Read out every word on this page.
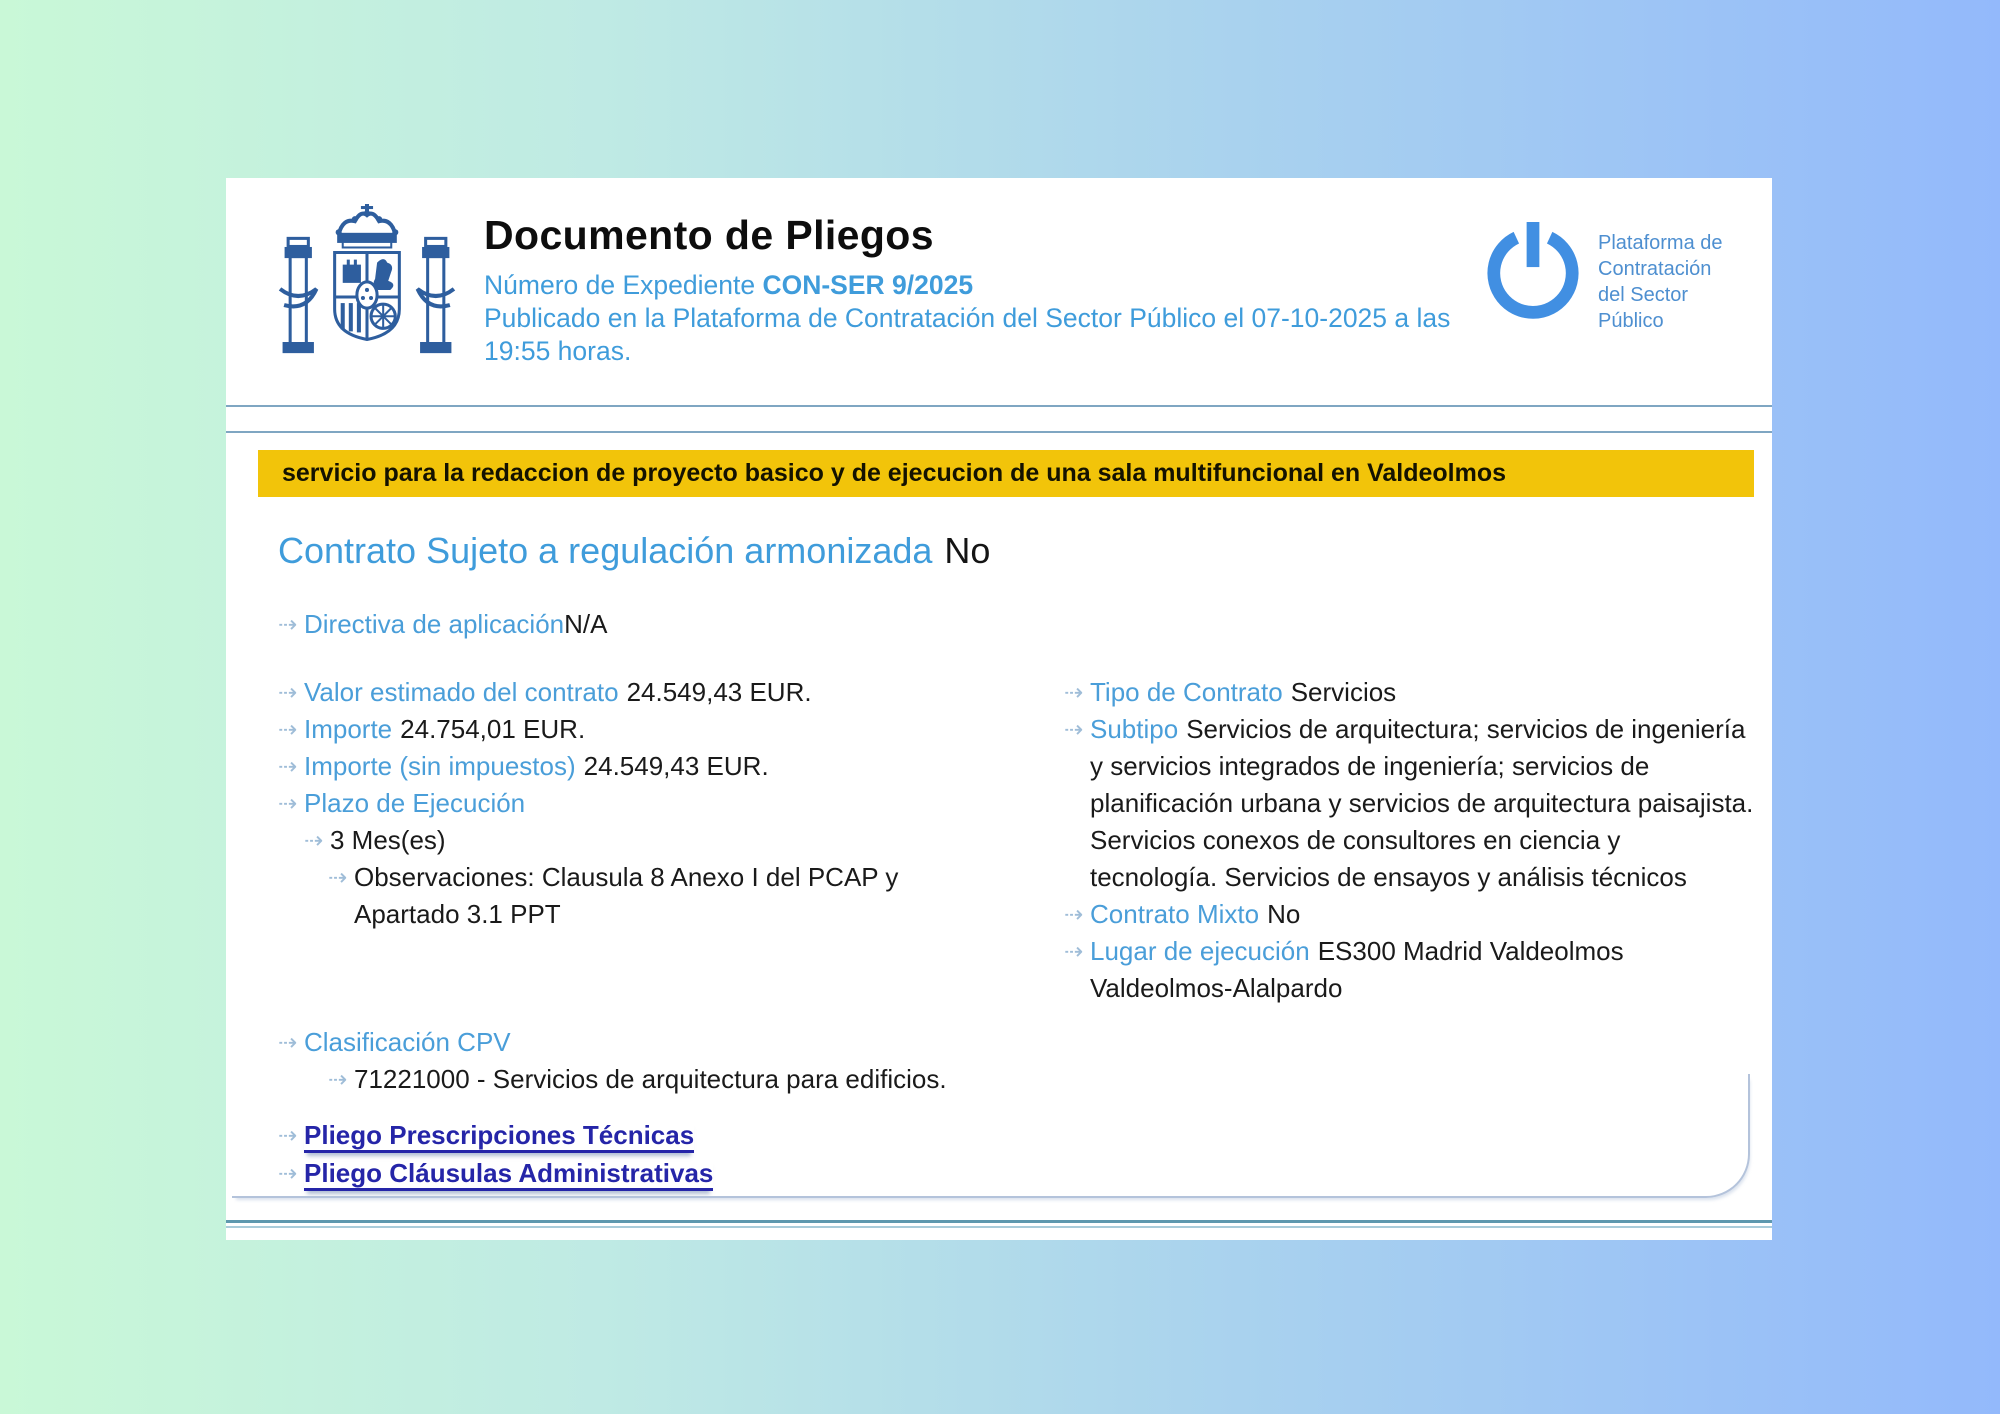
Documento de Pliegos
Número de Expediente CON-SER 9/2025
Publicado en la Plataforma de Contratación del Sector Público el 07-10-2025 a las 19:55 horas.
Plataforma de
Contratación
del Sector
Público
servicio para la redaccion de proyecto basico y de ejecucion de una sala multifuncional en Valdeolmos
Contrato Sujeto a regulación armonizada No
⇢ Directiva de aplicaciónN/A
⇢ Valor estimado del contrato 24.549,43 EUR.
⇢ Importe 24.754,01 EUR.
⇢ Importe (sin impuestos) 24.549,43 EUR.
⇢ Plazo de Ejecución
⇢ 3 Mes(es)
⇢ Observaciones: Clausula 8 Anexo I del PCAP y Apartado 3.1 PPT
⇢ Tipo de Contrato Servicios
⇢ Subtipo Servicios de arquitectura; servicios de ingeniería y servicios integrados de ingeniería; servicios de planificación urbana y servicios de arquitectura paisajista. Servicios conexos de consultores en ciencia y tecnología. Servicios de ensayos y análisis técnicos
⇢ Contrato Mixto No
⇢ Lugar de ejecución ES300 Madrid Valdeolmos Valdeolmos-Alalpardo
⇢ Clasificación CPV
⇢ 71221000 - Servicios de arquitectura para edificios.
⇢ Pliego Prescripciones Técnicas
⇢ Pliego Cláusulas Administrativas
